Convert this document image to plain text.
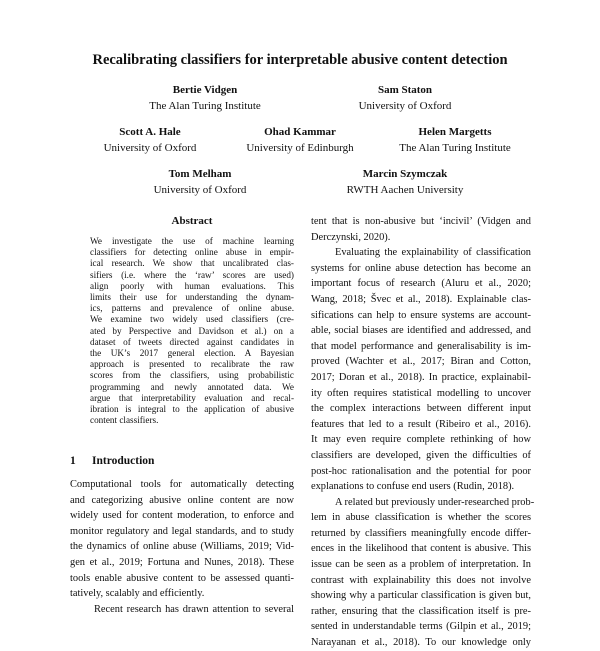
Recalibrating classifiers for interpretable abusive content detection
Bertie Vidgen
The Alan Turing Institute
Sam Staton
University of Oxford
Scott A. Hale
University of Oxford
Ohad Kammar
University of Edinburgh
Helen Margetts
The Alan Turing Institute
Tom Melham
University of Oxford
Marcin Szymczak
RWTH Aachen University
Abstract
We investigate the use of machine learning
classifiers for detecting online abuse in empir-
ical research. We show that uncalibrated clas-
sifiers (i.e. where the ‘raw’ scores are used)
align poorly with human evaluations. This
limits their use for understanding the dynam-
ics, patterns and prevalence of online abuse.
We examine two widely used classifiers (cre-
ated by Perspective and Davidson et al.) on a
dataset of tweets directed against candidates in
the UK’s 2017 general election. A Bayesian
approach is presented to recalibrate the raw
scores from the classifiers, using probabilistic
programming and newly annotated data. We
argue that interpretability evaluation and recal-
ibration is integral to the application of abusive
content classifiers.
1 Introduction
Computational tools for automatically detecting
and categorizing abusive online content are now
widely used for content moderation, to enforce and
monitor regulatory and legal standards, and to study
the dynamics of online abuse (Williams, 2019; Vid-
gen et al., 2019; Fortuna and Nunes, 2018). These
tools enable abusive content to be assessed quanti-
tatively, scalably and efficiently.
Recent research has drawn attention to several
tent that is non-abusive but ‘incivil’ (Vidgen and
Derczynski, 2020).
Evaluating the explainability of classification
systems for online abuse detection has become an
important focus of research (Aluru et al., 2020;
Wang, 2018; Švec et al., 2018). Explainable clas-
sifications can help to ensure systems are account-
able, social biases are identified and addressed, and
that model performance and generalisability is im-
proved (Wachter et al., 2017; Biran and Cotton,
2017; Doran et al., 2018). In practice, explainabil-
ity often requires statistical modelling to uncover
the complex interactions between different input
features that led to a result (Ribeiro et al., 2016).
It may even require complete rethinking of how
classifiers are developed, given the difficulties of
post-hoc rationalisation and the potential for poor
explanations to confuse end users (Rudin, 2018).
A related but previously under-researched prob-
lem in abuse classification is whether the scores
returned by classifiers meaningfully encode differ-
ences in the likelihood that content is abusive. This
issue can be seen as a problem of interpretation. In
contrast with explainability this does not involve
showing why a particular classification is given but,
rather, ensuring that the classification itself is pre-
sented in understandable terms (Gilpin et al., 2019;
Narayanan et al., 2018). To our knowledge only
